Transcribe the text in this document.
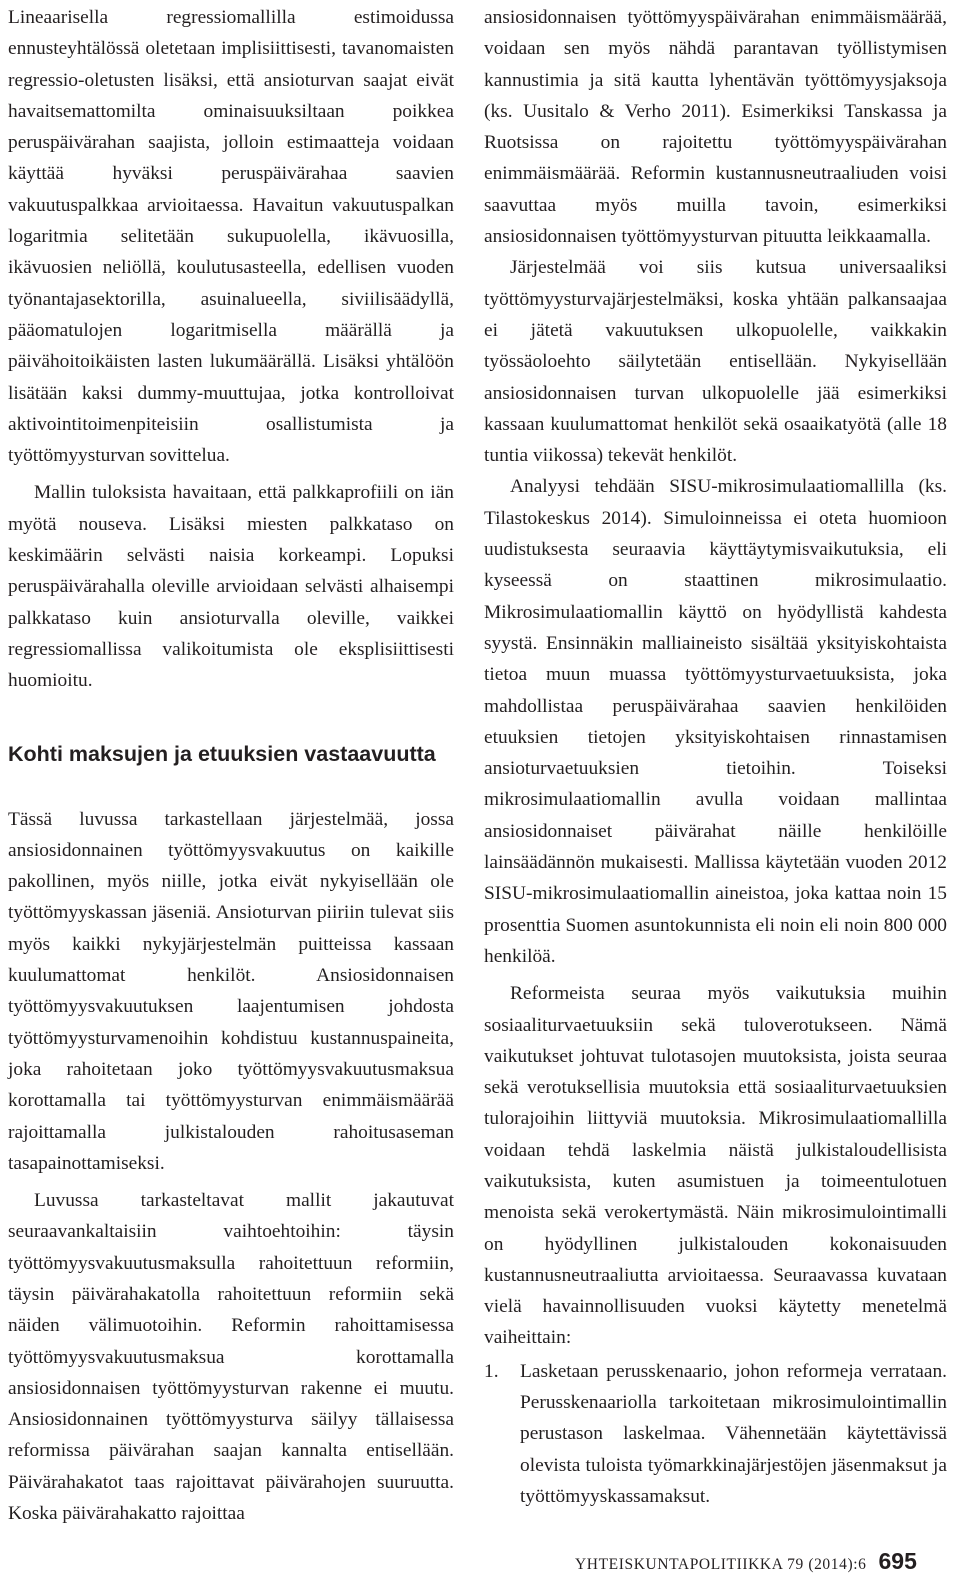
Lineaarisella regressiomallilla estimoidussa ennusteyhtälössä oletetaan implisiittisesti, tavanomaisten regressio-oletusten lisäksi, että ansioturvan saajat eivät havaitsemattomilta ominaisuuksiltaan poikkea peruspäivärahan saajista, jolloin estimaatteja voidaan käyttää hyväksi peruspäivärahaa saavien vakuutuspalkkaa arvioitaessa. Havaitun vakuutuspalkan logaritmia selitetään sukupuolella, ikävuosilla, ikävuosien neliöllä, koulutusasteella, edellisen vuoden työnantajasektorilla, asuinalueella, siviilisäädyllä, pääomatulojen logaritmisella määrällä ja päivähoitoikäisten lasten lukumäärällä. Lisäksi yhtälöön lisätään kaksi dummy-muuttujaa, jotka kontrolloivat aktivointitoimenpiteisiin osallistumista ja työttömyysturvan sovittelua.

Mallin tuloksista havaitaan, että palkkaprofiili on iän myötä nouseva. Lisäksi miesten palkkataso on keskimäärin selvästi naisia korkeampi. Lopuksi peruspäivärahalla oleville arvioidaan selvästi alhaisempi palkkataso kuin ansioturvalla oleville, vaikkei regressiomallissa valikoitumista ole eksplisiittisesti huomioitu.

Kohti maksujen ja etuuksien vastaavuutta

Tässä luvussa tarkastellaan järjestelmää, jossa ansiosidonnainen työttömyysvakuutus on kaikille pakollinen, myös niille, jotka eivät nykyisellään ole työttömyyskassan jäseniä. Ansioturvan piiriin tulevat siis myös kaikki nykyjärjestelmän puitteissa kassaan kuulumattomat henkilöt. Ansiosidonnaisen työttömyysvakuutuksen laajentumisen johdosta työttömyysturvamenoihin kohdistuu kustannuspaineita, joka rahoitetaan joko työttömyysvakuutusmaksua korottamalla tai työttömyysturvan enimmäismäärää rajoittamalla julkistalouden rahoitusaseman tasapainottamiseksi.

Luvussa tarkasteltavat mallit jakautuvat seuraavankaltaisiin vaihtoehtoihin: täysin työttömyysvakuutusmaksulla rahoitettuun reformiin, täysin päivärahakatolla rahoitettuun reformiin sekä näiden välimuotoihin. Reformin rahoittamisessa työttömyysvakuutusmaksua korottamalla ansiosidonnaisen työttömyysturvan rakenne ei muutu. Ansiosidonnainen työttömyysturva säilyy tällaisessa reformissa päivärahan saajan kannalta entisellään. Päivärahakatot taas rajoittavat päivärahojen suuruutta. Koska päivärahakatto rajoittaa

ansiosidonnaisen työttömyyspäivärahan enimmäismäärää, voidaan sen myös nähdä parantavan työllistymisen kannustimia ja sitä kautta lyhentävän työttömyysjaksoja (ks. Uusitalo & Verho 2011). Esimerkiksi Tanskassa ja Ruotsissa on rajoitettu työttömyyspäivärahan enimmäismäärää. Reformin kustannusneutraaliuden voisi saavuttaa myös muilla tavoin, esimerkiksi ansiosidonnaisen työttömyysturvan pituutta leikkaamalla.

Järjestelmää voi siis kutsua universaaliksi työttömyysturvajärjestelmäksi, koska yhtään palkansaajaa ei jätetä vakuutuksen ulkopuolelle, vaikkakin työssäoloehto säilytetään entisellään. Nykyisellään ansiosidonnaisen turvan ulkopuolelle jää esimerkiksi kassaan kuulumattomat henkilöt sekä osaaikatyötä (alle 18 tuntia viikossa) tekevät henkilöt.

Analyysi tehdään SISU-mikrosimulaatiomallilla (ks. Tilastokeskus 2014). Simuloinneissa ei oteta huomioon uudistuksesta seuraavia käyttäytymisvaikutuksia, eli kyseessä on staattinen mikrosimulaatio. Mikrosimulaatiomallin käyttö on hyödyllistä kahdesta syystä. Ensinnäkin malliaineisto sisältää yksityiskohtaista tietoa muun muassa työttömyysturvaetuuksista, joka mahdollistaa peruspäivärahaa saavien henkilöiden etuuksien tietojen yksityiskohtaisen rinnastamisen ansioturvaetuuksien tietoihin. Toiseksi mikrosimulaatiomallin avulla voidaan mallintaa ansiosidonnaiset päivärahat näille henkilöille lainsäädännön mukaisesti. Mallissa käytetään vuoden 2012 SISU-mikrosimulaatiomallin aineistoa, joka kattaa noin 15 prosenttia Suomen asuntokunnista eli noin eli noin 800 000 henkilöä.

Reformeista seuraa myös vaikutuksia muihin sosiaaliturvaetuuksiin sekä tuloverotukseen. Nämä vaikutukset johtuvat tulotasojen muutoksista, joista seuraa sekä verotuksellisia muutoksia että sosiaaliturvaetuuksien tulorajoihin liittyviä muutoksia. Mikrosimulaatiomallilla voidaan tehdä laskelmia näistä julkistaloudellisista vaikutuksista, kuten asumistuen ja toimeentulotuen menoista sekä verokertymästä. Näin mikrosimulointimalli on hyödyllinen julkistalouden kokonaisuuden kustannusneutraaliutta arvioitaessa. Seuraavassa kuvataan vielä havainnollisuuden vuoksi käytetty menetelmä vaiheittain:

1.	Lasketaan perusskenaario, johon reformeja verrataan. Perusskenaariolla tarkoitetaan mikrosimulointimallin perustason laskelmaa. Vähennetään käytettävissä olevista tuloista työmarkkinajärjestöjen jäsenmaksut ja työttömyyskassamaksut.
YHTEISKUNTAPOLITIIKKA 79 (2014):6 695
